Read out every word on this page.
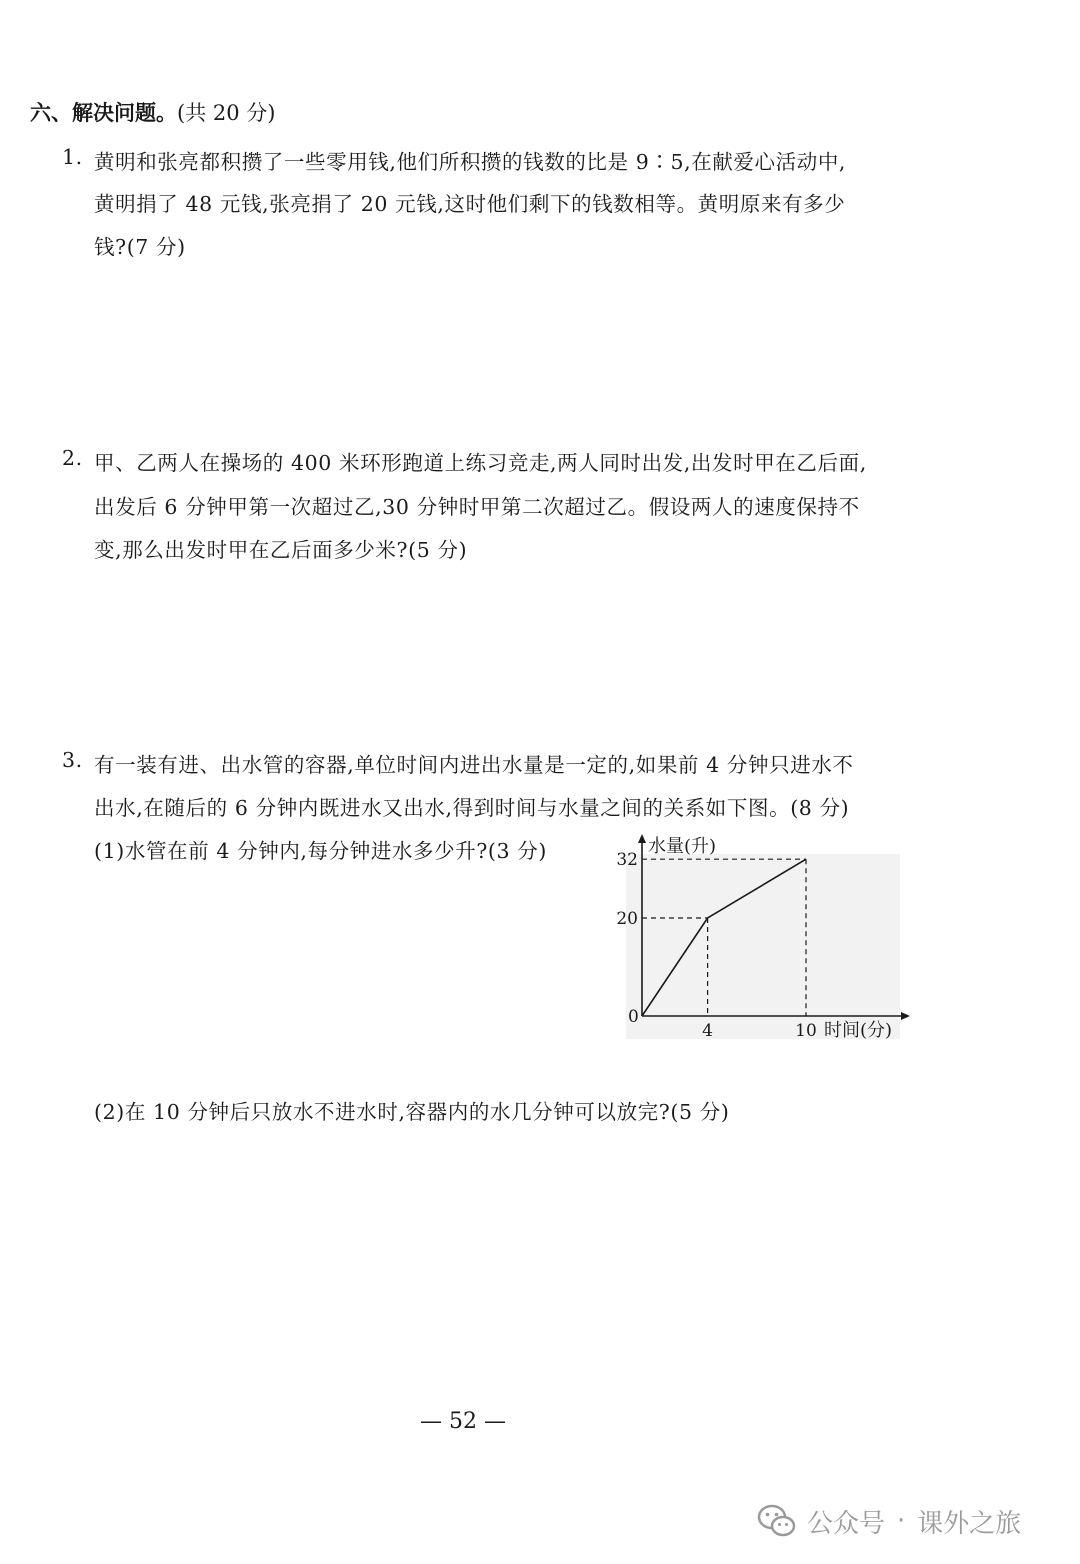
六、解决问题。(共 20 分)
1. 黄明和张亮都积攒了一些零用钱,他们所积攒的钱数的比是 9∶5,在献爱心活动中,
黄明捐了 48 元钱,张亮捐了 20 元钱,这时他们剩下的钱数相等。黄明原来有多少
钱?(7 分)
2. 甲、乙两人在操场的 400 米环形跑道上练习竞走,两人同时出发,出发时甲在乙后面,
出发后 6 分钟甲第一次超过乙,30 分钟时甲第二次超过乙。假设两人的速度保持不
变,那么出发时甲在乙后面多少米?(5 分)
3. 有一装有进、出水管的容器,单位时间内进出水量是一定的,如果前 4 分钟只进水不
出水,在随后的 6 分钟内既进水又出水,得到时间与水量之间的关系如下图。(8 分)
(1)水管在前 4 分钟内,每分钟进水多少升?(3 分)
0
4	10
20
32
时间(分)
水量(升)
(2)在 10 分钟后只放水不进水时,容器内的水几分钟可以放完?(5 分)
— 52 —
公众号 · 课外之旅
